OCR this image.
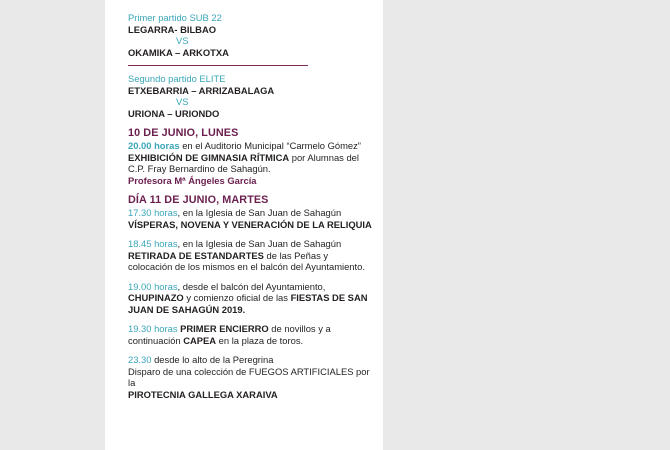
Primer partido SUB 22
LEGARRA- BILBAO
VS
OKAMIKA – ARKOTXA
Segundo partido ELITE
ETXEBARRIA – ARRIZABALAGA
VS
URIONA – URIONDO
10 DE JUNIO, LUNES
20.00 horas en el Auditorio Municipal “Carmelo Gómez” EXHIBICIÓN DE GIMNASIA RÍTMICA por Alumnas del C.P. Fray Bernardino de Sahagún.
Profesora Mª Ángeles García
DÍA 11 DE JUNIO, MARTES
17.30 horas, en la Iglesia de San Juan de Sahagún
VÍSPERAS, NOVENA Y VENERACIÓN DE LA RELIQUIA
18.45 horas, en la Iglesia de San Juan de Sahagún
RETIRADA DE ESTANDARTES de las Peñas y colocación de los mismos en el balcón del Ayuntamiento.
19.00 horas, desde el balcón del Ayuntamiento,
CHUPINAZO y comienzo oficial de las FIESTAS DE SAN JUAN DE SAHAGÚN 2019.
19.30 horas PRIMER ENCIERRO de novillos y a continuación CAPEA en la plaza de toros.
23.30 desde lo alto de la Peregrina
Disparo de una colección de FUEGOS ARTIFICIALES por la
PIROTECNIA GALLEGA XARAIVA
